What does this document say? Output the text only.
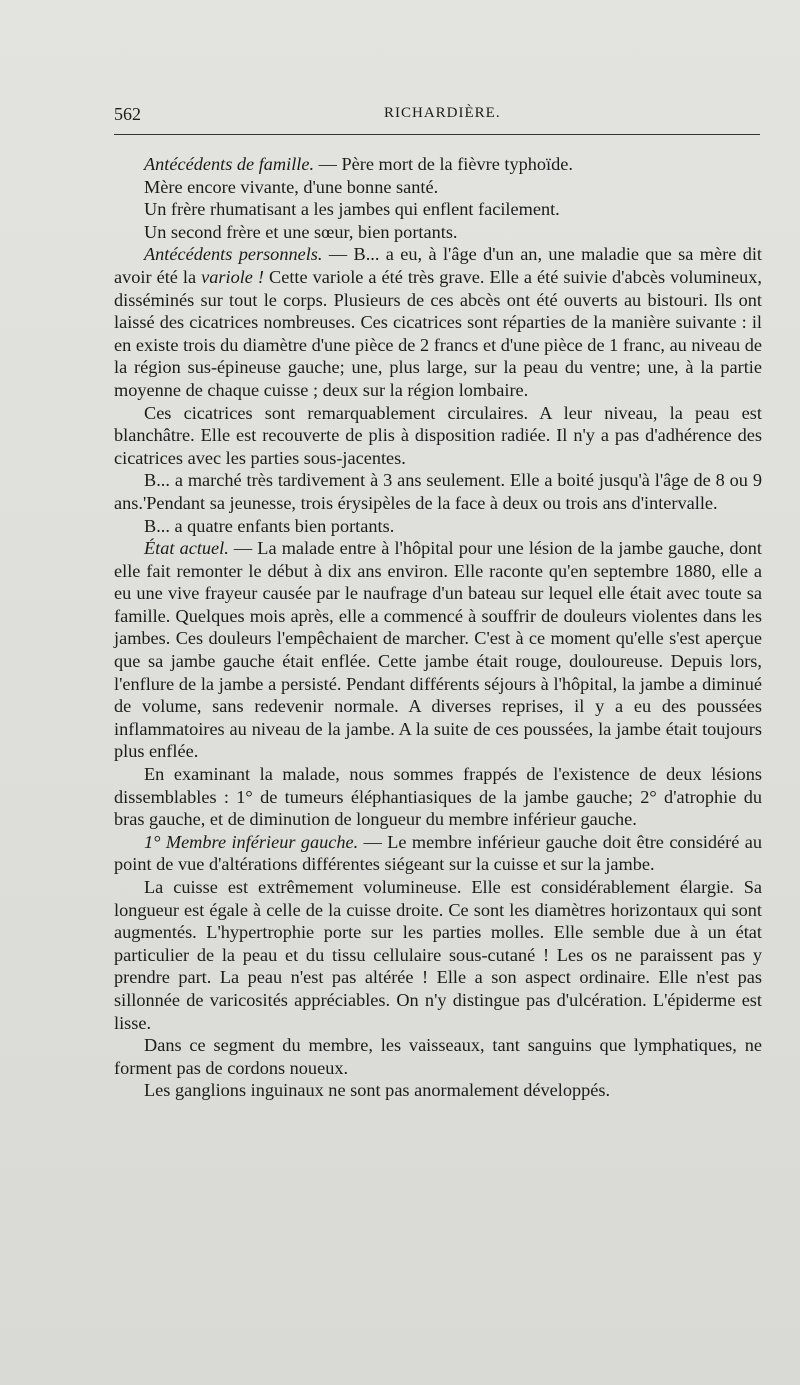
562	RICHARDIÈRE.

Antécédents de famille. — Père mort de la fièvre typhoïde.

Mère encore vivante, d'une bonne santé.

Un frère rhumatisant a les jambes qui enflent facilement.

Un second frère et une sœur, bien portants.

Antécédents personnels. — B... a eu, à l'âge d'un an, une maladie que sa mère dit avoir été la variole ! Cette variole a été très grave. Elle a été suivie d'abcès volumineux, disséminés sur tout le corps. Plusieurs de ces abcès ont été ouverts au bistouri. Ils ont laissé des cicatrices nombreuses. Ces cicatrices sont réparties de la manière suivante : il en existe trois du diamètre d'une pièce de 2 francs et d'une pièce de 1 franc, au niveau de la région sus-épineuse gauche; une, plus large, sur la peau du ventre; une, à la partie moyenne de chaque cuisse ; deux sur la région lombaire.

Ces cicatrices sont remarquablement circulaires. A leur niveau, la peau est blanchâtre. Elle est recouverte de plis à disposition radiée. Il n'y a pas d'adhérence des cicatrices avec les parties sous-jacentes.

B... a marché très tardivement à 3 ans seulement. Elle a boité jusqu'à l'âge de 8 ou 9 ans.'Pendant sa jeunesse, trois érysipèles de la face à deux ou trois ans d'intervalle.

B... a quatre enfants bien portants.

État actuel. — La malade entre à l'hôpital pour une lésion de la jambe gauche, dont elle fait remonter le début à dix ans environ. Elle raconte qu'en septembre 1880, elle a eu une vive frayeur causée par le naufrage d'un bateau sur lequel elle était avec toute sa famille. Quelques mois après, elle a commencé à souffrir de douleurs violentes dans les jambes. Ces douleurs l'empêchaient de marcher. C'est à ce moment qu'elle s'est aperçue que sa jambe gauche était enflée. Cette jambe était rouge, douloureuse. Depuis lors, l'enflure de la jambe a persisté. Pendant différents séjours à l'hôpital, la jambe a diminué de volume, sans redevenir normale. A diverses reprises, il y a eu des poussées inflammatoires au niveau de la jambe. A la suite de ces poussées, la jambe était toujours plus enflée.

En examinant la malade, nous sommes frappés de l'existence de deux lésions dissemblables : 1° de tumeurs éléphantiasiques de la jambe gauche; 2° d'atrophie du bras gauche, et de diminution de longueur du membre inférieur gauche.

1° Membre inférieur gauche. — Le membre inférieur gauche doit être considéré au point de vue d'altérations différentes siégeant sur la cuisse et sur la jambe.

La cuisse est extrêmement volumineuse. Elle est considérablement élargie. Sa longueur est égale à celle de la cuisse droite. Ce sont les diamètres horizontaux qui sont augmentés. L'hypertrophie porte sur les parties molles. Elle semble due à un état particulier de la peau et du tissu cellulaire sous-cutané ! Les os ne paraissent pas y prendre part. La peau n'est pas altérée ! Elle a son aspect ordinaire. Elle n'est pas sillonnée de varicosités appréciables. On n'y distingue pas d'ulcération. L'épiderme est lisse.

Dans ce segment du membre, les vaisseaux, tant sanguins que lymphatiques, ne forment pas de cordons noueux.

Les ganglions inguinaux ne sont pas anormalement développés.
